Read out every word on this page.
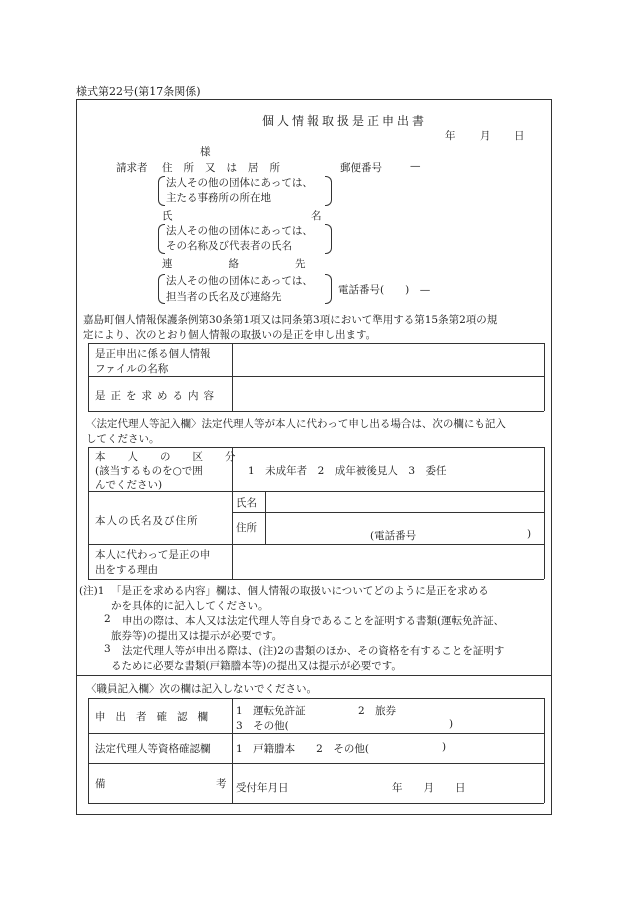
様式第22号(第17条関係)
個人情報取扱是正申出書
年 月 日
様
請求者 住所又は居所	郵便番号	—
法人その他の団体にあっては、
主たる事務所の所在地
氏	名
法人その他の団体にあっては、
その名称及び代表者の氏名
連絡先
法人その他の団体にあっては、
担当者の氏名及び連絡先
電話番号(　　)　—
嘉島町個人情報保護条例第30条第1項又は同条第3項において準用する第15条第2項の規
定により、次のとおり個人情報の取扱いの是正を申し出ます。
是正申出に係る個人情報
ファイルの名称
是正を求める内容
〈法定代理人等記入欄〉法定代理人等が本人に代わって申し出る場合は、次の欄にも記入
してください。
本人の区分
(該当するものを○で囲
んでください)
1　未成年者　2　成年被後見人　3　委任
本人の氏名及び住所
氏名
住所
(電話番号	)
本人に代わって是正の申
出をする理由
(注)1 「是正を求める内容」欄は、個人情報の取扱いについてどのように是正を求める
かを具体的に記入してください。
2 申出の際は、本人又は法定代理人等自身であることを証明する書類(運転免許証、
旅券等)の提出又は提示が必要です。
3 法定代理人等が申出る際は、(注)2の書類のほか、その資格を有することを証明す
るために必要な書類(戸籍謄本等)の提出又は提示が必要です。
〈職員記入欄〉次の欄は記入しないでください。
申出者確認欄 1　運転免許証	2　旅券
3　その他(	)
法定代理人等資格確認欄 1　戸籍謄本　　2　その他(	)
備	考 受付年月日	年　　月　　日
